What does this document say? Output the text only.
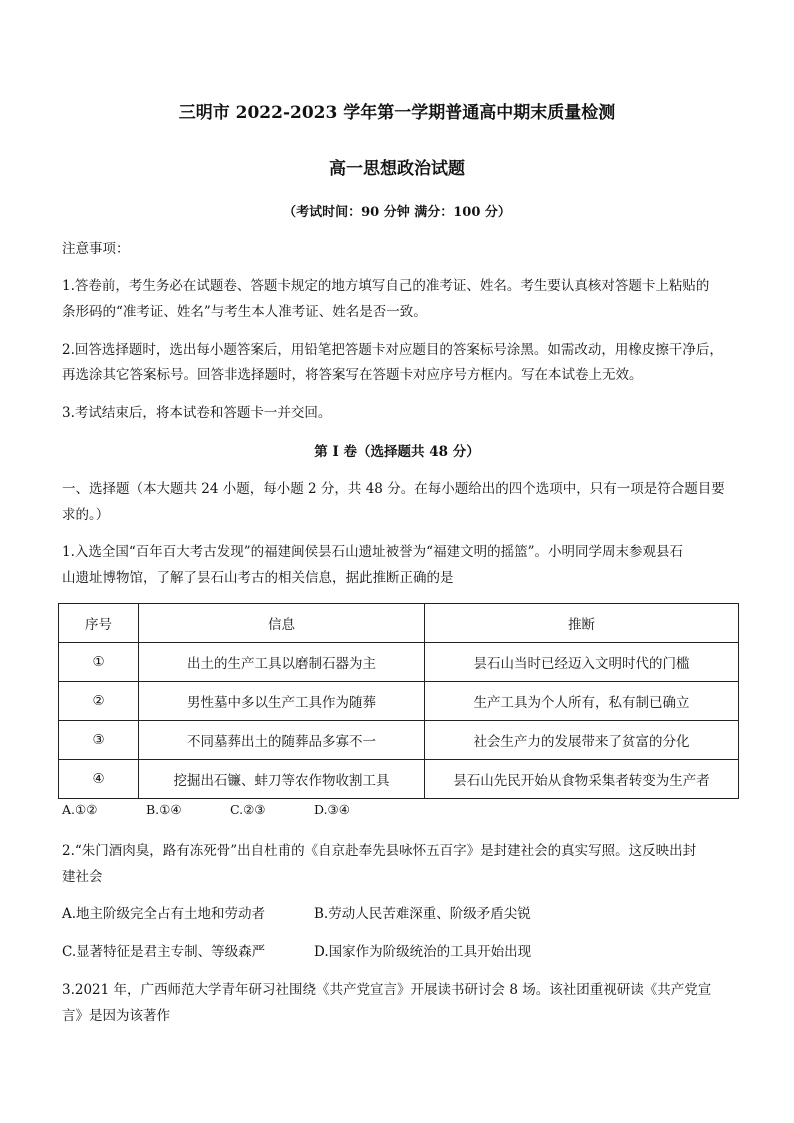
三明市 2022-2023 学年第一学期普通高中期末质量检测
高一思想政治试题
（考试时间：90 分钟 满分：100 分）
注意事项：
1.答卷前，考生务必在试题卷、答题卡规定的地方填写自己的准考证、姓名。考生要认真核对答题卡上粘贴的
条形码的“准考证、姓名”与考生本人准考证、姓名是否一致。
2.回答选择题时，选出每小题答案后，用铅笔把答题卡对应题目的答案标号涂黑。如需改动，用橡皮擦干净后，
再选涂其它答案标号。回答非选择题时，将答案写在答题卡对应序号方框内。写在本试卷上无效。
3.考试结束后，将本试卷和答题卡一并交回。
第 I 卷（选择题共 48 分）
一、选择题（本大题共 24 小题，每小题 2 分，共 48 分。在每小题给出的四个选项中，只有一项是符合题目要
求的。）
1.入选全国“百年百大考古发现”的福建闽侯昙石山遗址被誉为“福建文明的摇篮”。小明同学周末参观县石
山遗址博物馆，了解了昙石山考古的相关信息，据此推断正确的是
序号	信息	推断
①	出土的生产工具以磨制石器为主	昙石山当时已经迈入文明时代的门槛
②	男性墓中多以生产工具作为随葬	生产工具为个人所有，私有制已确立
③	不同墓葬出土的随葬品多寡不一	社会生产力的发展带来了贫富的分化
④	挖掘出石镰、蚌刀等农作物收割工具	昙石山先民开始从食物采集者转变为生产者
A.①②	B.①④	C.②③	D.③④
2.“朱门酒肉臭，路有冻死骨”出自杜甫的《自京赴奉先县咏怀五百字》是封建社会的真实写照。这反映出封
建社会
A.地主阶级完全占有土地和劳动者	B.劳动人民苦难深重、阶级矛盾尖锐
C.显著特征是君主专制、等级森严	D.国家作为阶级统治的工具开始出现
3.2021 年，广西师范大学青年研习社围绕《共产党宣言》开展读书研讨会 8 场。该社团重视研读《共产党宣
言》是因为该著作
